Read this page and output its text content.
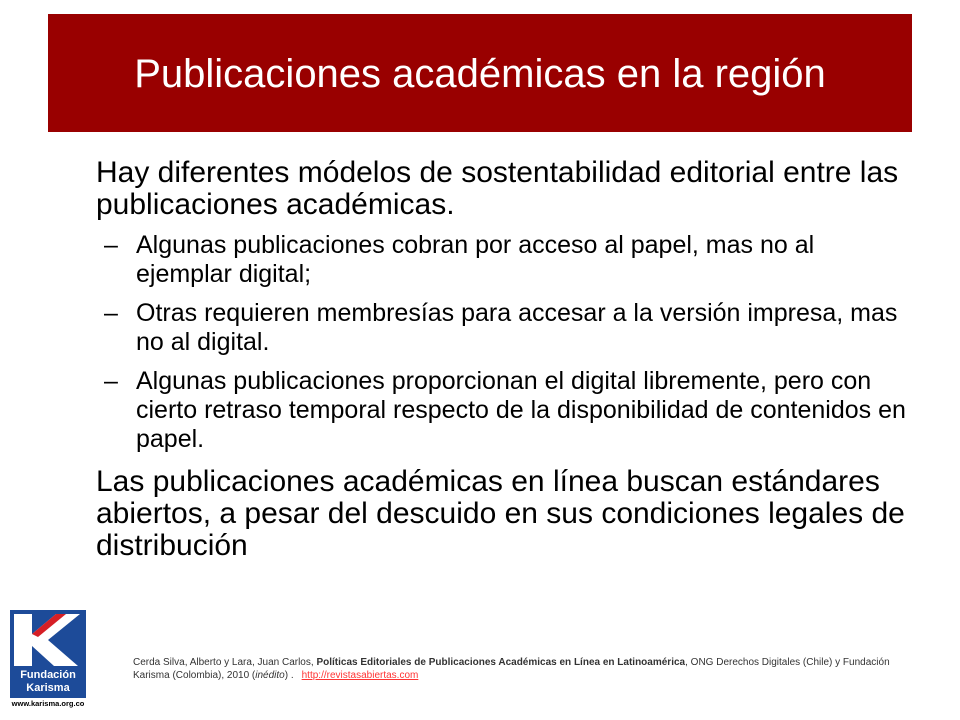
Publicaciones académicas en la región

Hay diferentes módelos de sostentabilidad editorial entre las publicaciones académicas.

– Algunas publicaciones cobran por acceso al papel, mas no al ejemplar digital;
– Otras requieren membresías para accesar a la versión impresa, mas no al digital.
– Algunas publicaciones proporcionan el digital libremente, pero con cierto retraso temporal respecto de la disponibilidad de contenidos en papel.
Las publicaciones académicas en línea buscan estándares abiertos, a pesar del descuido en sus condiciones legales de distribución
Fundación
Karisma
www.karisma.org.co
Cerda Silva, Alberto y Lara, Juan Carlos, Políticas Editoriales de Publicaciones Académicas en Línea en Latinoamérica, ONG Derechos Digitales (Chile) y Fundación Karisma (Colombia), 2010 (inédito) . http://revistasabiertas.com
